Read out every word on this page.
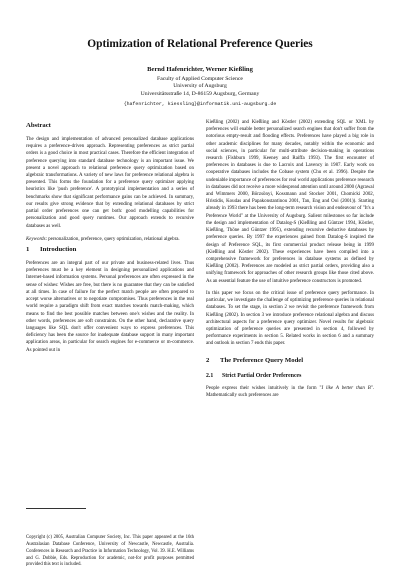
Optimization of Relational Preference Queries
Bernd Hafenrichter, Werner Kießling
Faculty of Applied Computer Science
University of Augsburg
Universitätsstraße 14, D-86159 Augsburg, Germany
{hafenrichter, kiessling}@informatik.uni-augsburg.de
Abstract

The design and implementation of advanced personalized database applications requires a preference-driven approach. Representing preferences as strict partial orders is a good choice in most practical cases. Therefore the efficient integration of preference querying into standard database technology is an important issue. We present a novel approach to relational preference query optimization based on algebraic transformations. A variety of new laws for preference relational algebra is presented. This forms the foundation for a preference query optimizer applying heuristics like 'push preference'. A prototypical implementation and a series of benchmarks show that significant performance gains can be achieved. In summary, our results give strong evidence that by extending relational databases by strict partial order preferences one can get both: good modelling capabilities for personalization and good query runtimes. Our approach extends to recursive databases as well.

Keywords: personalization, preference, query optimization, relational algebra.

1 Introduction

Preferences are an integral part of our private and business-related lives. Thus preferences must be a key element in designing personalized applications and Internet-based information systems. Personal preferences are often expressed in the sense of wishes: Wishes are free, but there is no guarantee that they can be satisfied at all times. In case of failure for the perfect match people are often prepared to accept worse alternatives or to negotiate compromises. Thus preferences in the real world require a paradigm shift from exact matches towards match-making, which means to find the best possible matches between one's wishes and the reality. In other words, preferences are soft constraints. On the other hand, declarative query languages like SQL don't offer convenient ways to express preferences. This deficiency has been the source for inadequate database support in many important application areas, in particular for search engines for e-commerce or m-commerce. As pointed out in

Copyright (c) 2005, Australian Computer Society, Inc. This paper appeared at the 16th Australasian Database Conference, University of Newcastle, Newcastle, Australia. Conferences in Research and Practice in Information Technology, Vol. 39. H.E. Williams and G. Dobbie, Eds. Reproduction for academic, not-for profit purposes permitted provided this text is included.

Kießling (2002) and Kießling and Köstler (2002) extending SQL or XML by preferences will enable better personalized search engines that don't suffer from the notorious empty-result and flooding effects. Preferences have played a big role in other academic disciplines for many decades, notably within the economic and social sciences, in particular for multi-attribute decision-making in operations research (Fishburn 1999, Keeney and Raiffa 1993). The first encounter of preferences in databases is due to Lacroix and Lavency in 1987. Early work on cooperative databases includes the Cobase system (Chu et al. 1996). Despite the undeniable importance of preferences for real world applications preference research in databases did not receive a more widespread attention until around 2000 (Agrawal and Wimmers 2000, Börzsönyi, Kossmann and Stocker 2001, Chomicki 2002, Hristidis, Koudas and Papakonstantinou 2001, Tan, Eng and Ooi (2001)). Starting already in 1993 there has been the long-term research vision and endeavour of "It's a Preference World" at the University of Augsburg. Salient milestones so far include the design and implementation of Datalog-S (Kießling and Güntzer 1994, Köstler, Kießling, Thöne and Güntzer 1995), extending recursive deductive databases by preference queries. By 1997 the experiences gained from Datalog-S inspired the design of Preference SQL, its first commercial product release being in 1999 (Kießling and Köstler 2002). These experiences have been compiled into a comprehensive framework for preferences in database systems as defined by Kießling (2002). Preferences are modeled as strict partial orders, providing also a unifying framework for approaches of other research groups like those cited above. As an essential feature the use of intuitive preference constructors is promoted.

In this paper we focus on the critical issue of preference query performance. In particular, we investigate the challenge of optimizing preference queries in relational databases. To set the stage, in section 2 we revisit the preference framework from Kießling (2002). In section 3 we introduce preference relational algebra and discuss architectural aspects for a preference query optimizer. Novel results for algebraic optimization of preference queries are presented in section 4, followed by performance experiments in section 5. Related works in section 6 and a summary and outlook in section 7 ends this paper.

2 The Preference Query Model
2.1 Strict Partial Order Preferences

People express their wishes intuitively in the form "I like A better than B". Mathematically such preferences are
